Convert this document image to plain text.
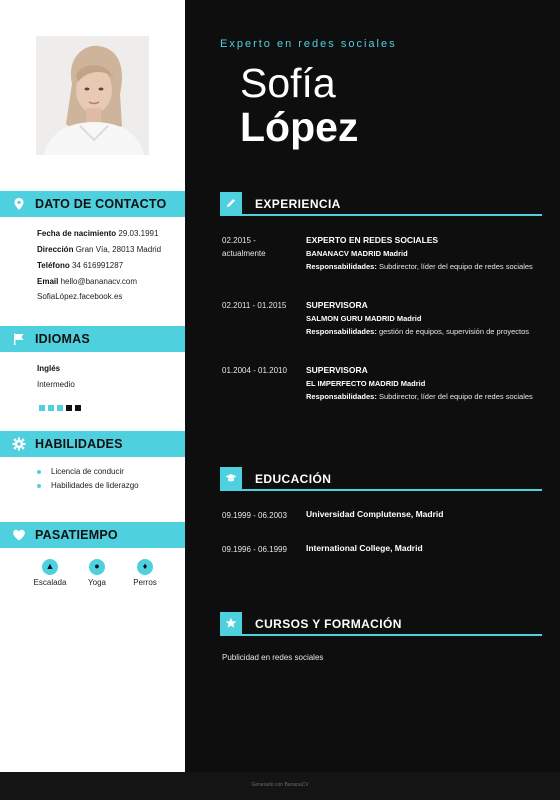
DATO DE CONTACTO

Fecha de nacimiento 29.03.1991

Dirección Gran Vía, 28013 Madrid

Teléfono 34 616991287

Email hello@bananacv.com

SofiaLópez.facebook.es

IDIOMAS
Inglés
Intermedio
HABILIDADES
Licencia de conducir
Habilidades de liderazgo
PASATIEMPO
▲
Escalada
●
Yoga
♦
Perros
Experto en redes sociales
Sofía
López
EXPERIENCIA
02.2015 - actualmente
EXPERTO EN REDES SOCIALES
BANANACV MADRID Madrid
Responsabilidades: Subdirector, líder del equipo de redes sociales
02.2011 - 01.2015	SUPERVISORA
SALMON GURU MADRID Madrid
Responsabilidades: gestión de equipos, supervisión de proyectos
01.2004 - 01.2010	SUPERVISORA
EL IMPERFECTO MADRID Madrid
Responsabilidades: Subdirector, líder del equipo de redes sociales
EDUCACIÓN
09.1999 - 06.2003 Universidad Complutense, Madrid
09.1996 - 06.1999 International College, Madrid
CURSOS Y FORMACIÓN
Publicidad en redes sociales
Generado con BananaCV
